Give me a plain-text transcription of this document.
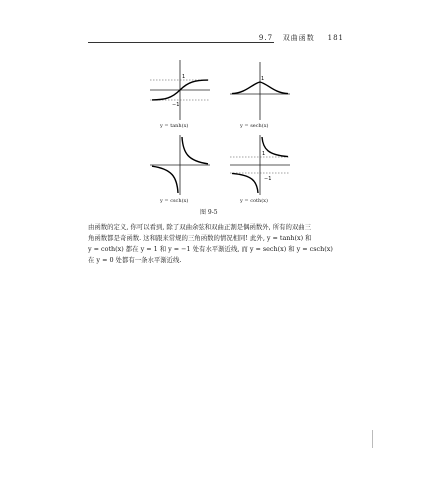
9.7 双曲函数 181
1
−1
y = tanh(x)
1
y = sech(x)
y = csch(x)
1
−1
y = coth(x)
图 9-5

由函数的定义, 你可以看到, 除了双曲余弦和双曲正割是偶函数外, 所有的双曲三

角函数都是奇函数. 这和跟来常规的三角函数的情况相同! 此外, y = tanh(x) 和

y = coth(x) 都在 y = 1 和 y = −1 处有水平渐近线, 而 y = sech(x) 和 y = csch(x)

在 y = 0 处都有一条水平渐近线.
